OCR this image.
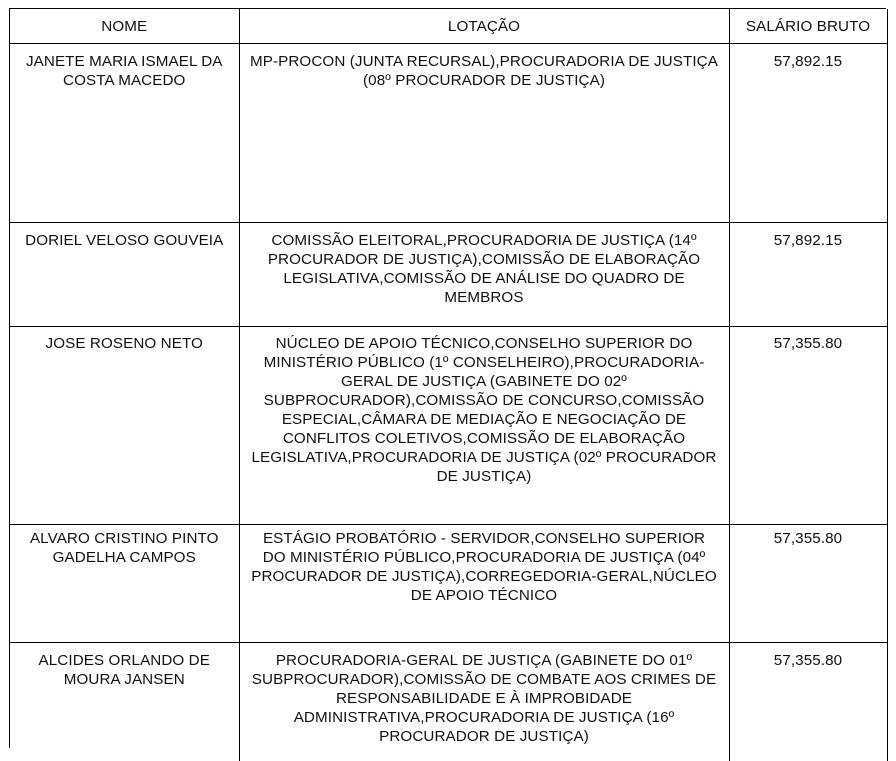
NOME	LOTAÇÃO	SALÁRIO BRUTO
JANETE MARIA ISMAEL DA COSTA MACEDO	MP-PROCON (JUNTA RECURSAL),PROCURADORIA DE JUSTIÇA (08º PROCURADOR DE JUSTIÇA)	57,892.15
DORIEL VELOSO GOUVEIA	COMISSÃO ELEITORAL,PROCURADORIA DE JUSTIÇA (14º PROCURADOR DE JUSTIÇA),COMISSÃO DE ELABORAÇÃO LEGISLATIVA,COMISSÃO DE ANÁLISE DO QUADRO DE MEMBROS	57,892.15
JOSE ROSENO NETO	NÚCLEO DE APOIO TÉCNICO,CONSELHO SUPERIOR DO MINISTÉRIO PÚBLICO (1º CONSELHEIRO),PROCURADORIA-GERAL DE JUSTIÇA (GABINETE DO 02º SUBPROCURADOR),COMISSÃO DE CONCURSO,COMISSÃO ESPECIAL,CÂMARA DE MEDIAÇÃO E NEGOCIAÇÃO DE CONFLITOS COLETIVOS,COMISSÃO DE ELABORAÇÃO LEGISLATIVA,PROCURADORIA DE JUSTIÇA (02º PROCURADOR DE JUSTIÇA)	57,355.80
ALVARO CRISTINO PINTO GADELHA CAMPOS	ESTÁGIO PROBATÓRIO - SERVIDOR,CONSELHO SUPERIOR DO MINISTÉRIO PÚBLICO,PROCURADORIA DE JUSTIÇA (04º PROCURADOR DE JUSTIÇA),CORREGEDORIA-GERAL,NÚCLEO DE APOIO TÉCNICO	57,355.80
ALCIDES ORLANDO DE MOURA JANSEN	PROCURADORIA-GERAL DE JUSTIÇA (GABINETE DO 01º SUBPROCURADOR),COMISSÃO DE COMBATE AOS CRIMES DE RESPONSABILIDADE E À IMPROBIDADE ADMINISTRATIVA,PROCURADORIA DE JUSTIÇA (16º PROCURADOR DE JUSTIÇA)	57,355.80
